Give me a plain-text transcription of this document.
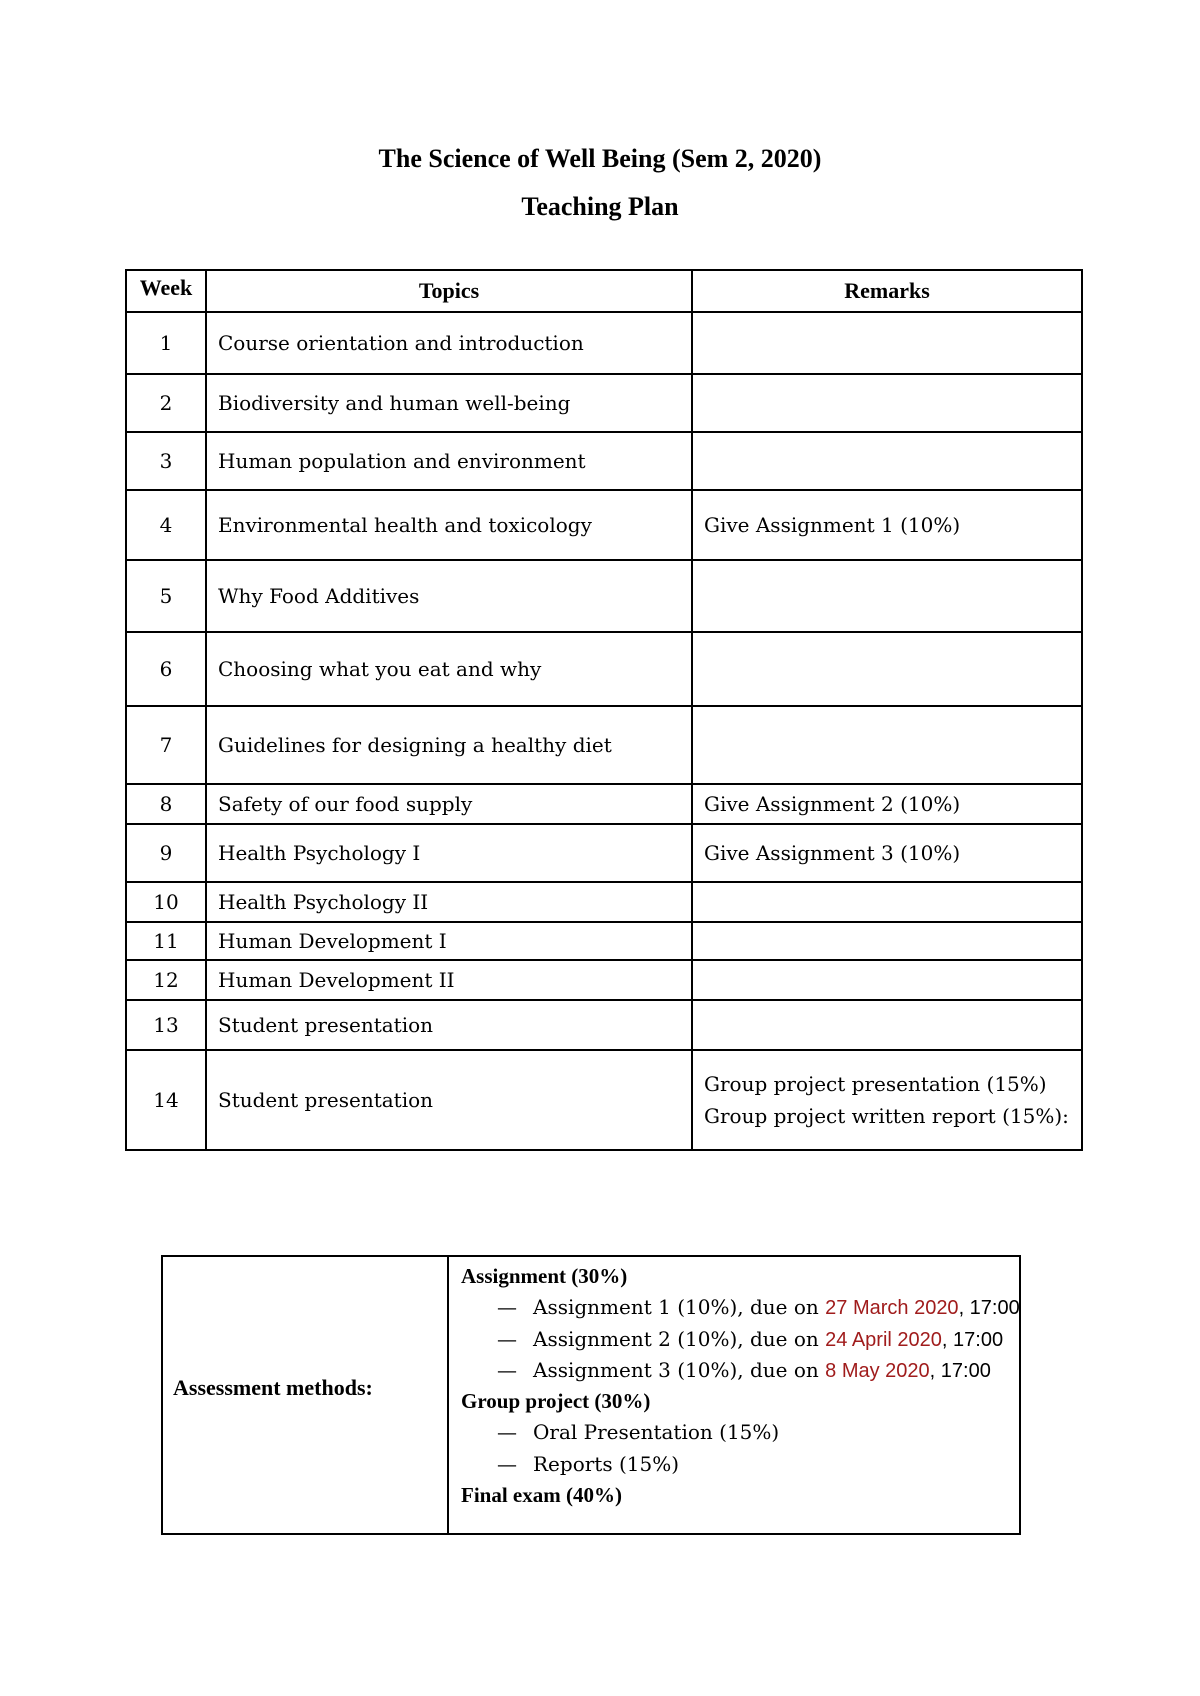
The Science of Well Being (Sem 2, 2020)
Teaching Plan
Week	Topics	Remarks
1	Course orientation and introduction	
2	Biodiversity and human well-being	
3	Human population and environment	
4	Environmental health and toxicology	Give Assignment 1 (10%)

5	Why Food Additives	
6	Choosing what you eat and why	
7	Guidelines for designing a healthy diet	
8	Safety of our food supply	Give Assignment 2 (10%)

9	Health Psychology I	Give Assignment 3 (10%)

10	Health Psychology II	
11	Human Development I	
12	Human Development II	
13	Student presentation	
14	Student presentation	Group project presentation (15%)
Group project written report (15%):
Assessment methods:
Assignment (30%)
— Assignment 1 (10%), due on 27 March 2020, 17:00
— Assignment 2 (10%), due on 24 April 2020, 17:00
— Assignment 3 (10%), due on 8 May 2020, 17:00
Group project (30%)
— Oral Presentation (15%)
— Reports (15%)
Final exam (40%)
